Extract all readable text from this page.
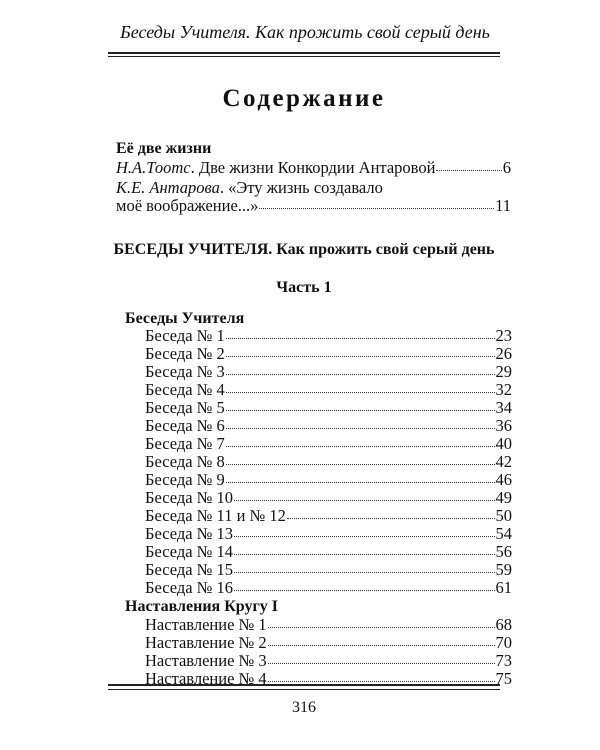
Беседы Учителя. Как прожить свой серый день
Содержание
Её две жизни
Н.А.Тоотс. Две жизни Конкордии Антаровой	6
К.Е. Антарова. «Эту жизнь создавало
моё воображение...»	11
БЕСЕДЫ УЧИТЕЛЯ. Как прожить свой серый день
Часть 1
Беседы Учителя
Беседа № 1	23
Беседа № 2	26
Беседа № 3	29
Беседа № 4	32
Беседа № 5	34
Беседа № 6	36
Беседа № 7	40
Беседа № 8	42
Беседа № 9	46
Беседа № 10	49
Беседа № 11 и № 12	50
Беседа № 13	54
Беседа № 14	56
Беседа № 15	59
Беседа № 16	61
Наставления Кругу I
Наставление № 1	68
Наставление № 2	70
Наставление № 3	73
Наставление № 4	75
316
